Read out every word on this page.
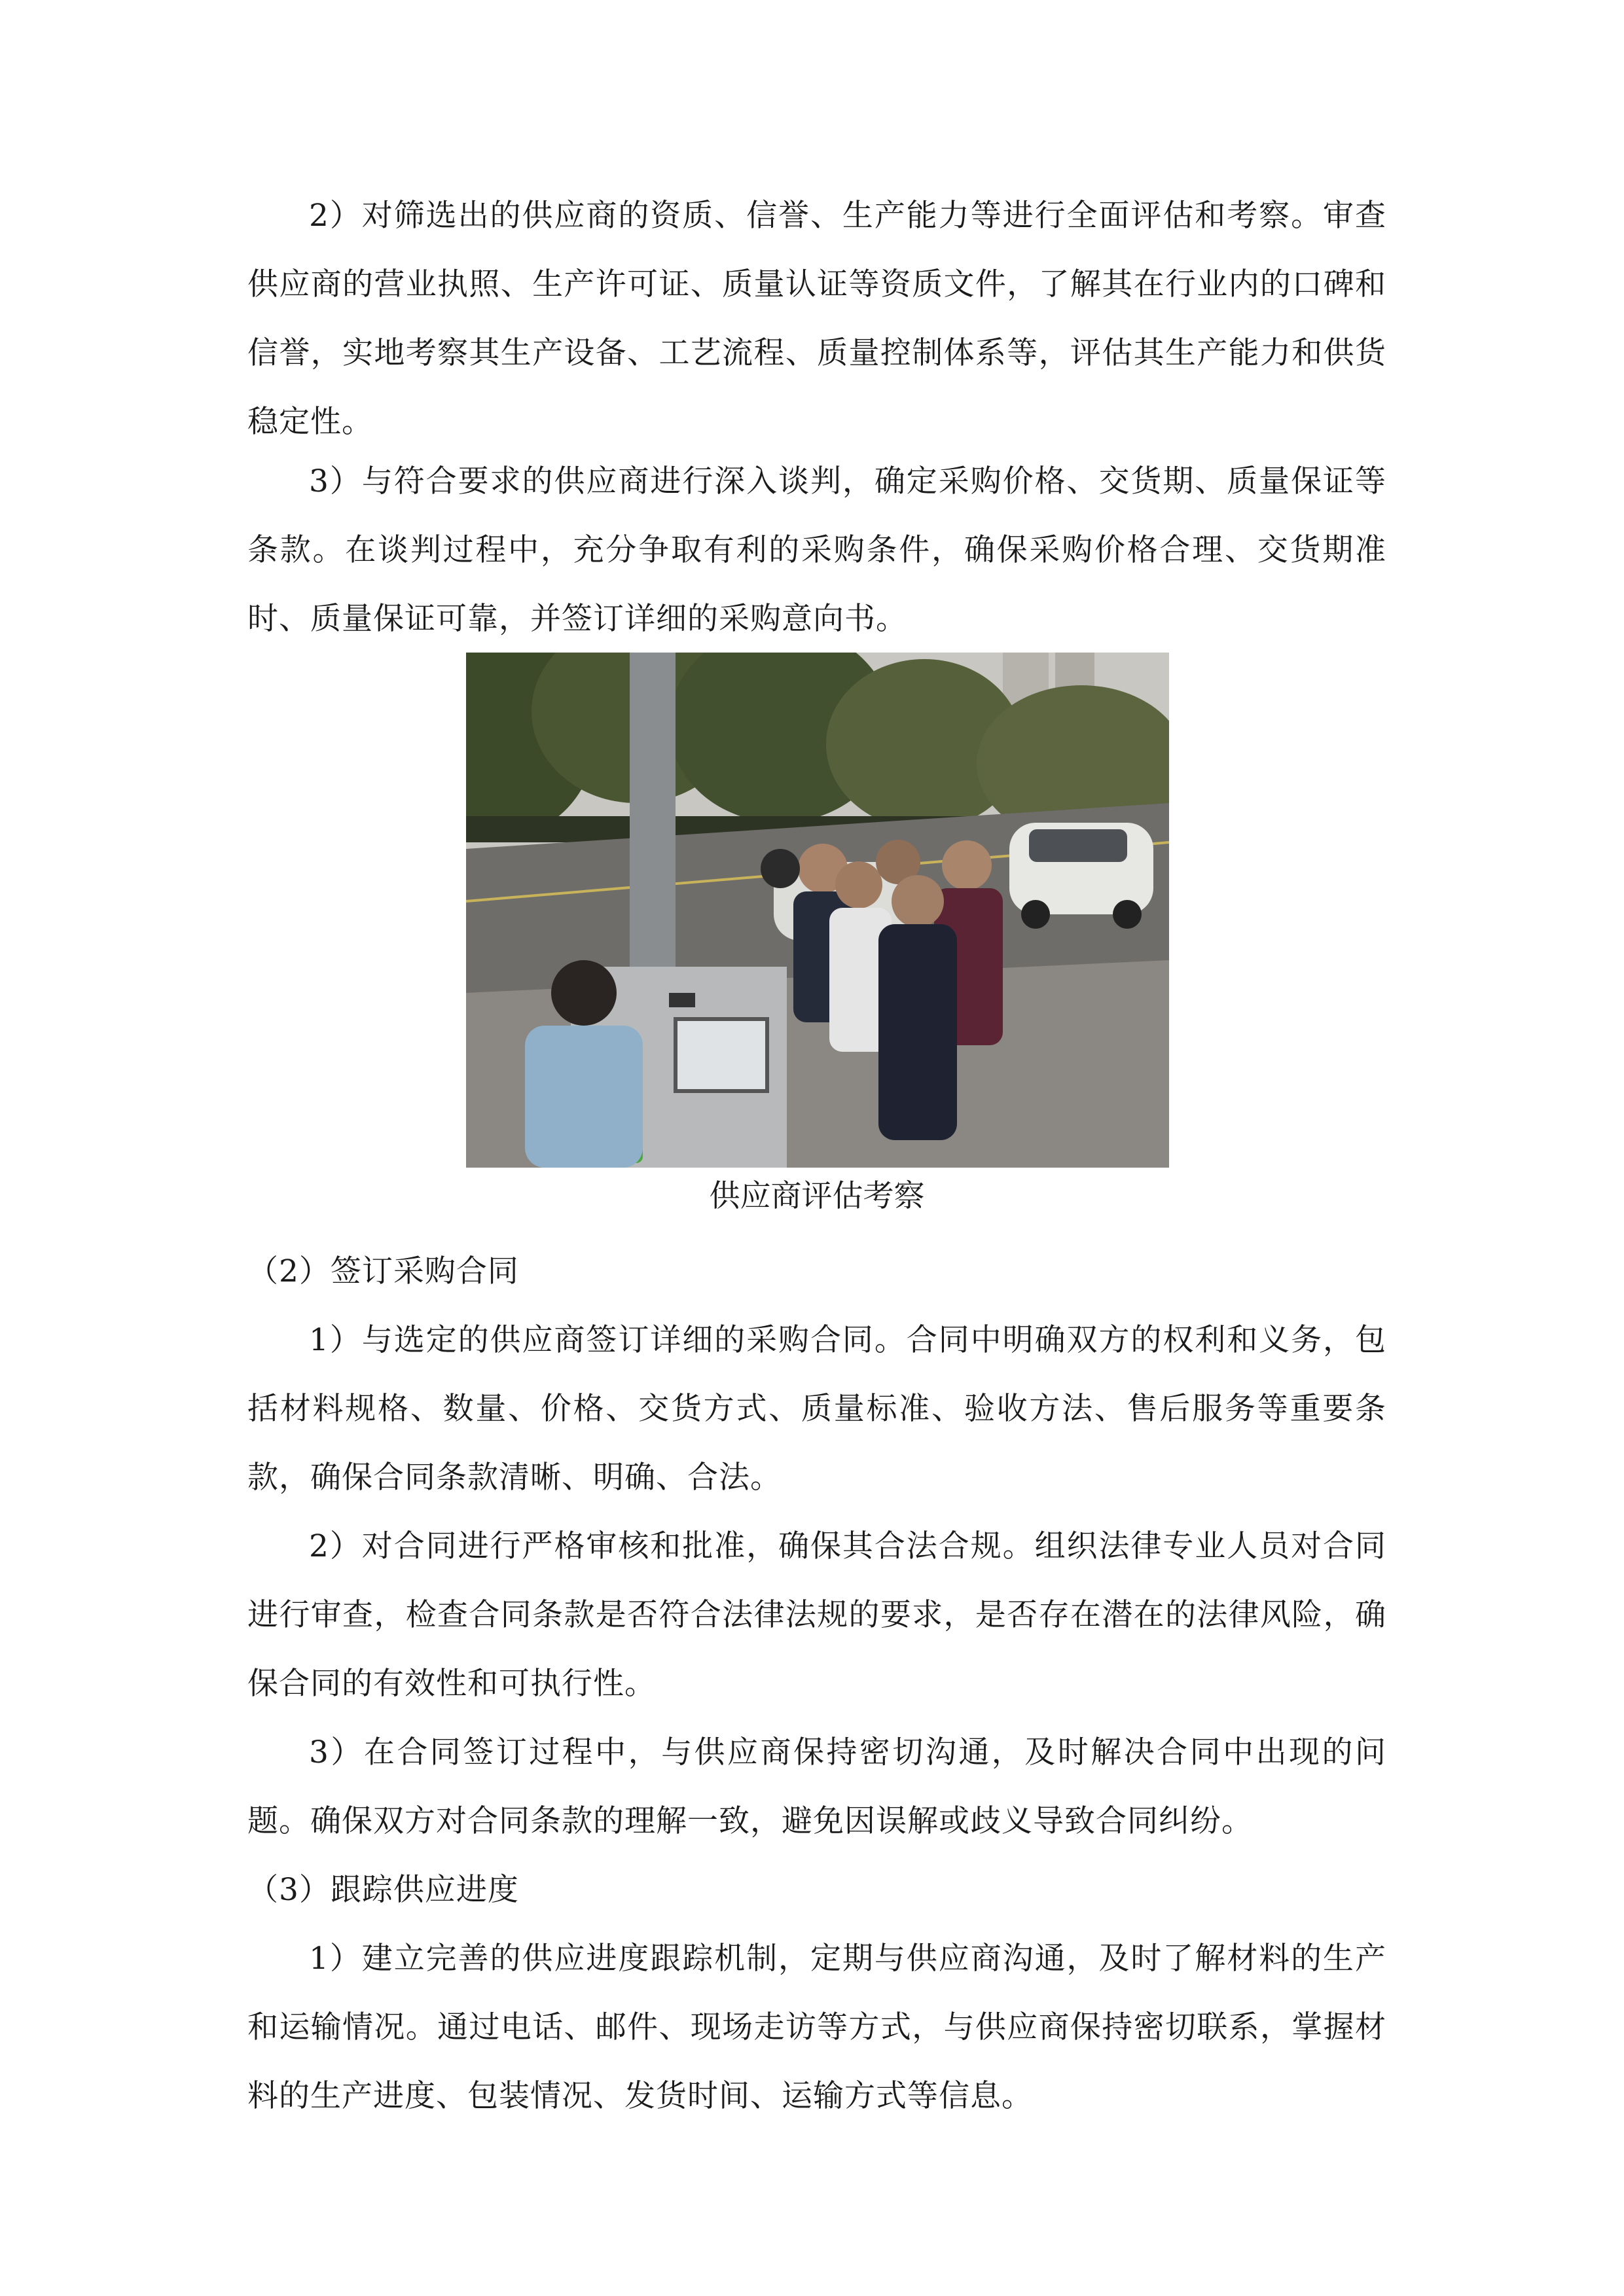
2）对筛选出的供应商的资质、信誉、生产能力等进行全面评估和考察。审查供应商的营业执照、生产许可证、质量认证等资质文件，了解其在行业内的口碑和信誉，实地考察其生产设备、工艺流程、质量控制体系等，评估其生产能力和供货稳定性。

3）与符合要求的供应商进行深入谈判，确定采购价格、交货期、质量保证等条款。在谈判过程中，充分争取有利的采购条件，确保采购价格合理、交货期准时、质量保证可靠，并签订详细的采购意向书。

供应商评估考察

（2）签订采购合同

1）与选定的供应商签订详细的采购合同。合同中明确双方的权利和义务，包括材料规格、数量、价格、交货方式、质量标准、验收方法、售后服务等重要条款，确保合同条款清晰、明确、合法。

2）对合同进行严格审核和批准，确保其合法合规。组织法律专业人员对合同进行审查，检查合同条款是否符合法律法规的要求，是否存在潜在的法律风险，确保合同的有效性和可执行性。

3）在合同签订过程中，与供应商保持密切沟通，及时解决合同中出现的问题。确保双方对合同条款的理解一致，避免因误解或歧义导致合同纠纷。

（3）跟踪供应进度

1）建立完善的供应进度跟踪机制，定期与供应商沟通，及时了解材料的生产和运输情况。通过电话、邮件、现场走访等方式，与供应商保持密切联系，掌握材料的生产进度、包装情况、发货时间、运输方式等信息。
